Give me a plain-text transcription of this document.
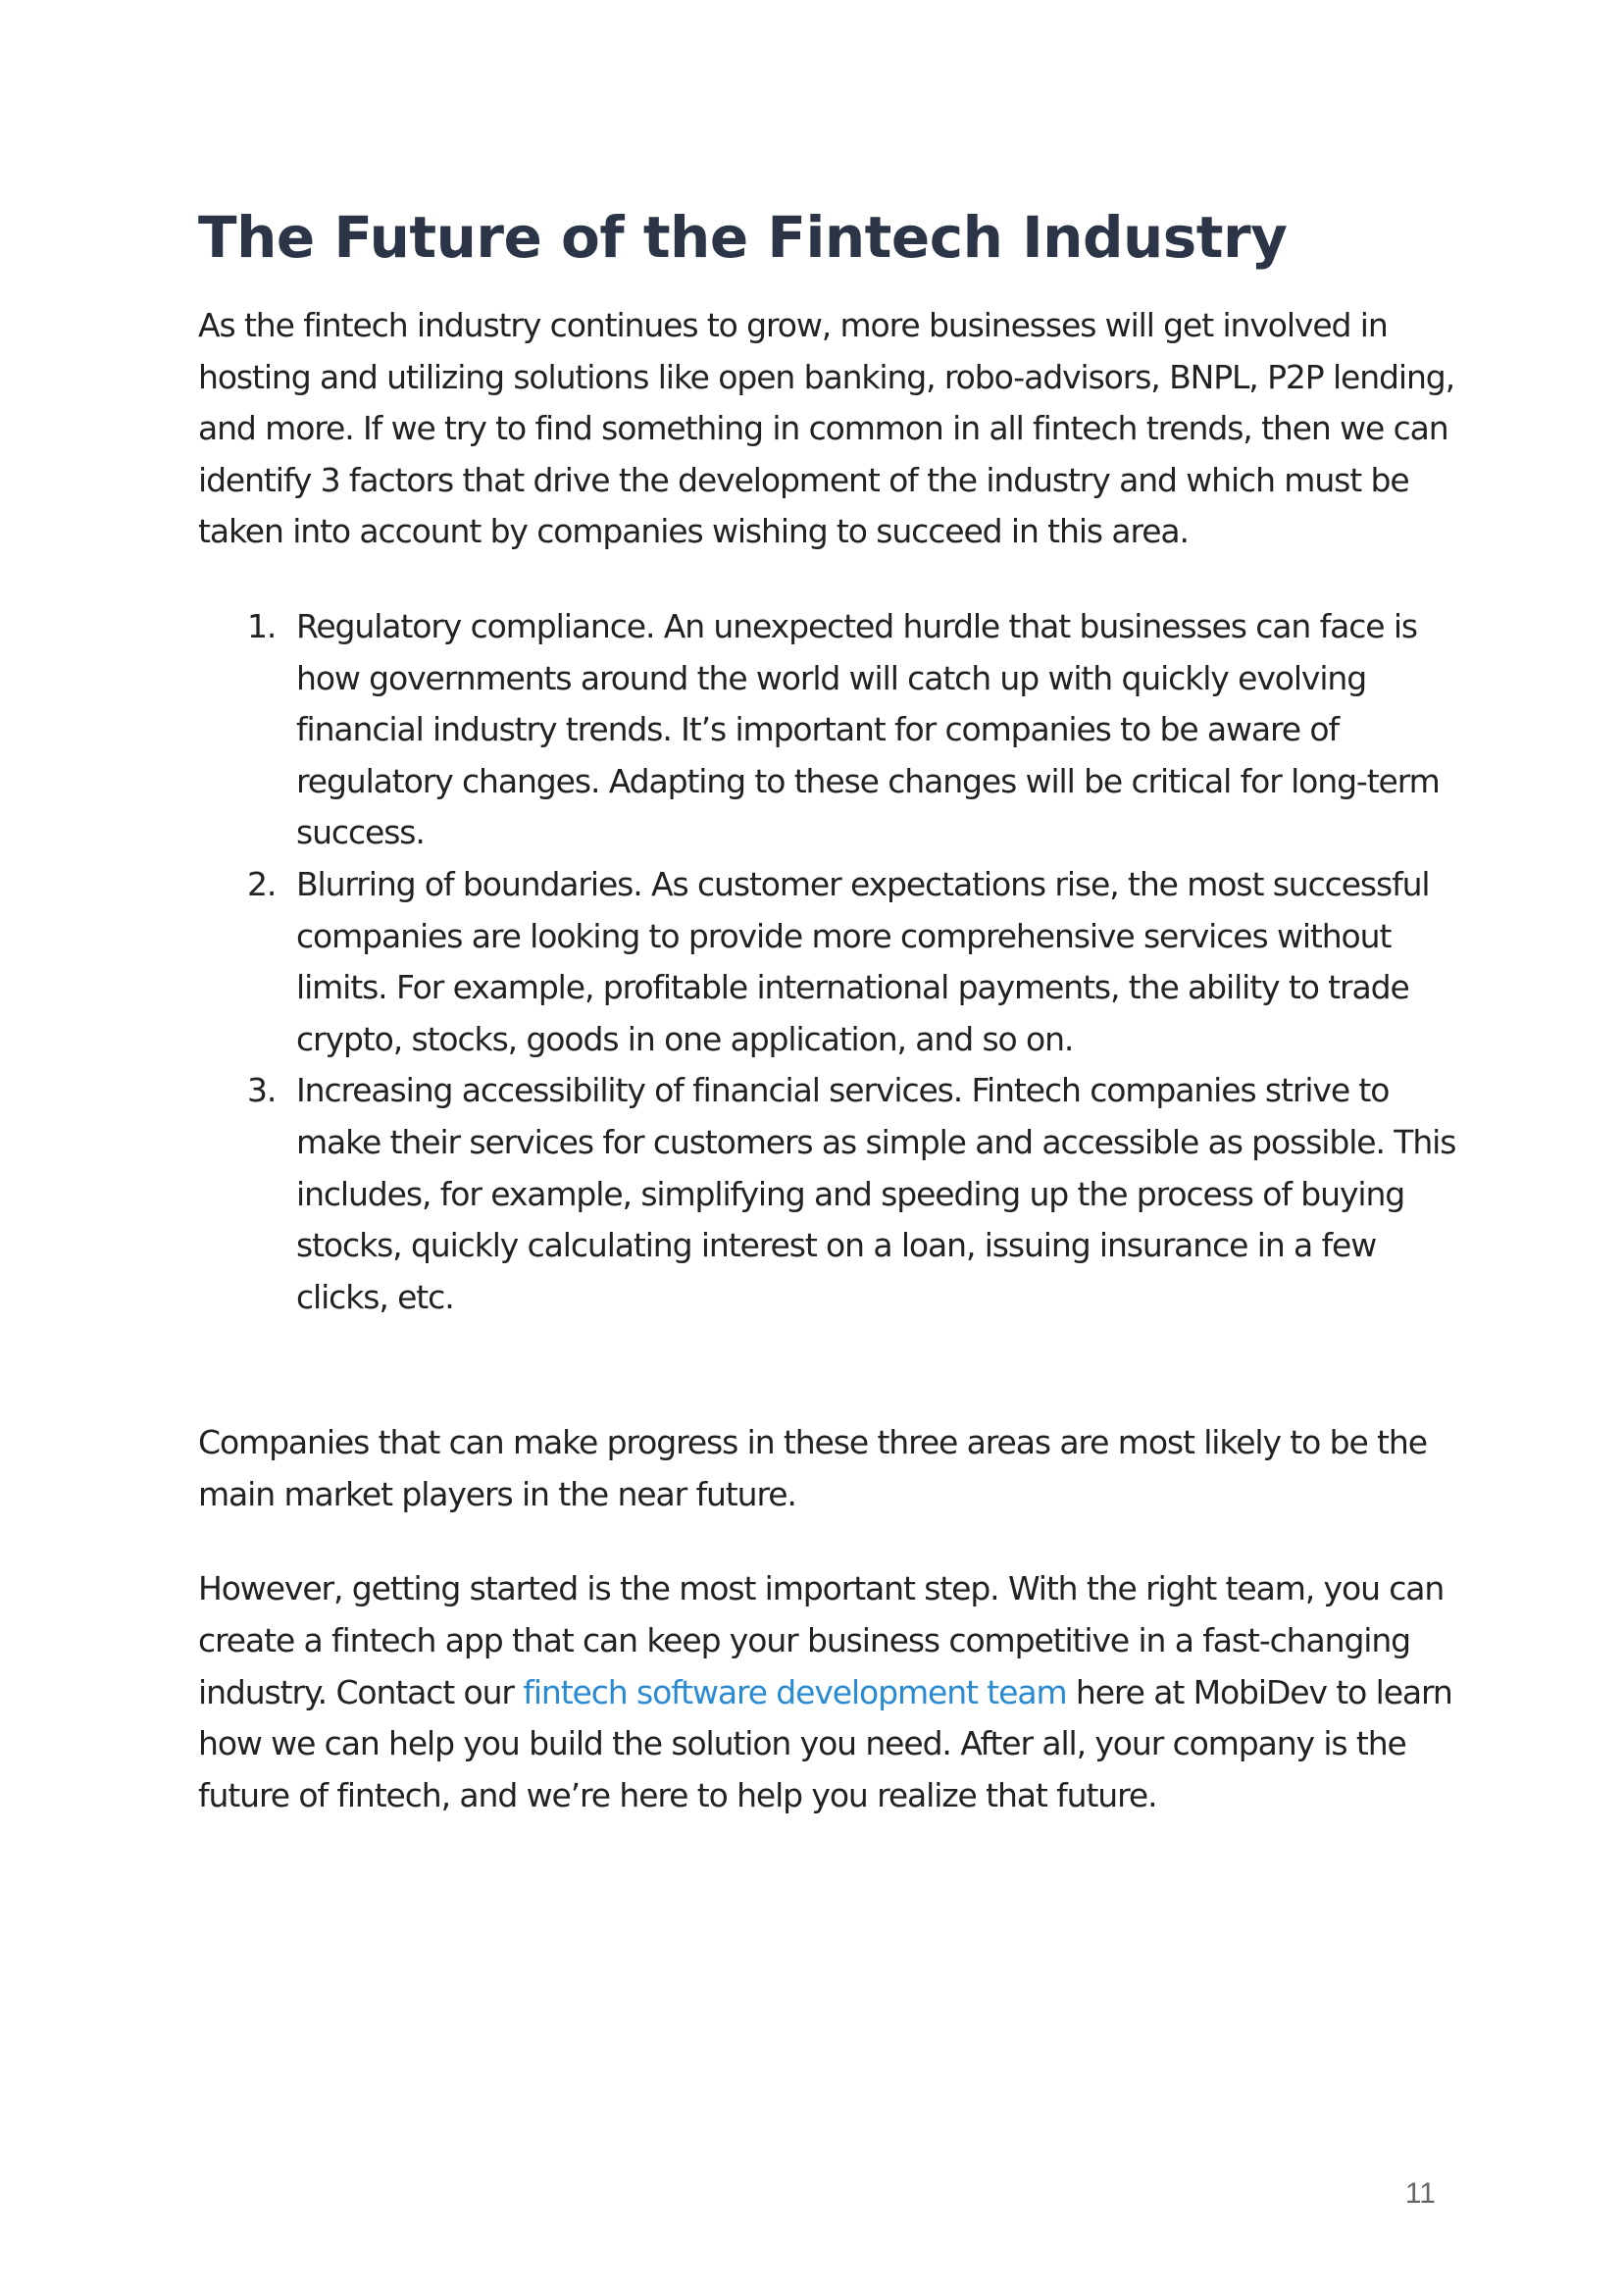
The Future of the Fintech Industry

As the fintech industry continues to grow, more businesses will get involved in hosting and utilizing solutions like open banking, robo-advisors, BNPL, P2P lending, and more. If we try to find something in common in all fintech trends, then we can identify 3 factors that drive the development of the industry and which must be taken into account by companies wishing to succeed in this area.

1. Regulatory compliance. An unexpected hurdle that businesses can face is how governments around the world will catch up with quickly evolving financial industry trends. It’s important for companies to be aware of regulatory changes. Adapting to these changes will be critical for long-term success.
2. Blurring of boundaries. As customer expectations rise, the most successful companies are looking to provide more comprehensive services without limits. For example, profitable international payments, the ability to trade crypto, stocks, goods in one application, and so on.
3. Increasing accessibility of financial services. Fintech companies strive to make their services for customers as simple and accessible as possible. This includes, for example, simplifying and speeding up the process of buying stocks, quickly calculating interest on a loan, issuing insurance in a few clicks, etc.

Companies that can make progress in these three areas are most likely to be the main market players in the near future.

However, getting started is the most important step. With the right team, you can create a fintech app that can keep your business competitive in a fast-changing industry. Contact our fintech software development team here at MobiDev to learn how we can help you build the solution you need. After all, your company is the future of fintech, and we’re here to help you realize that future.

11
